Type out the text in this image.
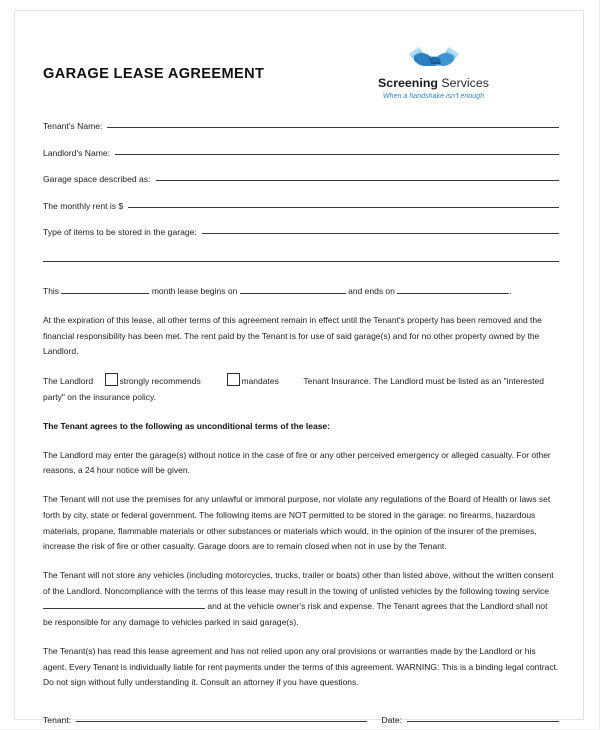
GARAGE LEASE AGREEMENT
Screening Services
When a handshake isn't enough
Tenant's Name:
Landlord's Name:
Garage space described as:
The monthly rent is $
Type of items to be stored in the garage:

This	month lease begins on	and ends on	.

At the expiration of this lease, all other terms of this agreement remain in effect until the Tenant's property has been removed and the financial responsibility has been met. The rent paid by the Tenant is for use of said garage(s) and for no other property owned by the Landlord.

The Landlord	strongly recommends	mandates	Tenant Insurance. The Landlord must be listed as an "interested party" on the insurance policy.

The Tenant agrees to the following as unconditional terms of the lease:

The Landlord may enter the garage(s) without notice in the case of fire or any other perceived emergency or alleged casualty. For other reasons, a 24 hour notice will be given.

The Tenant will not use the premises for any unlawful or immoral purpose, nor violate any regulations of the Board of Health or laws set forth by city, state or federal government. The following items are NOT permitted to be stored in the garage: no firearms, hazardous materials, propane, flammable materials or other substances or materials which would, in the opinion of the insurer of the premises, increase the risk of fire or other casualty. Garage doors are to remain closed when not in use by the Tenant.

The Tenant will not store any vehicles (including motorcycles, trucks, trailer or boats) other than listed above, without the written consent of the Landlord. Noncompliance with the terms of this lease may result in the towing of unlisted vehicles by the following towing service and at the vehicle owner's risk and expense. The Tenant agrees that the Landlord shall not be responsible for any damage to vehicles parked in said garage(s).

The Tenant(s) has read this lease agreement and has not relied upon any oral provisions or warranties made by the Landlord or his agent. Every Tenant is individually liable for rent payments under the terms of this agreement. WARNING: This is a binding legal contract. Do not sign without fully understanding it. Consult an attorney if you have questions.

Tenant:	Date:
